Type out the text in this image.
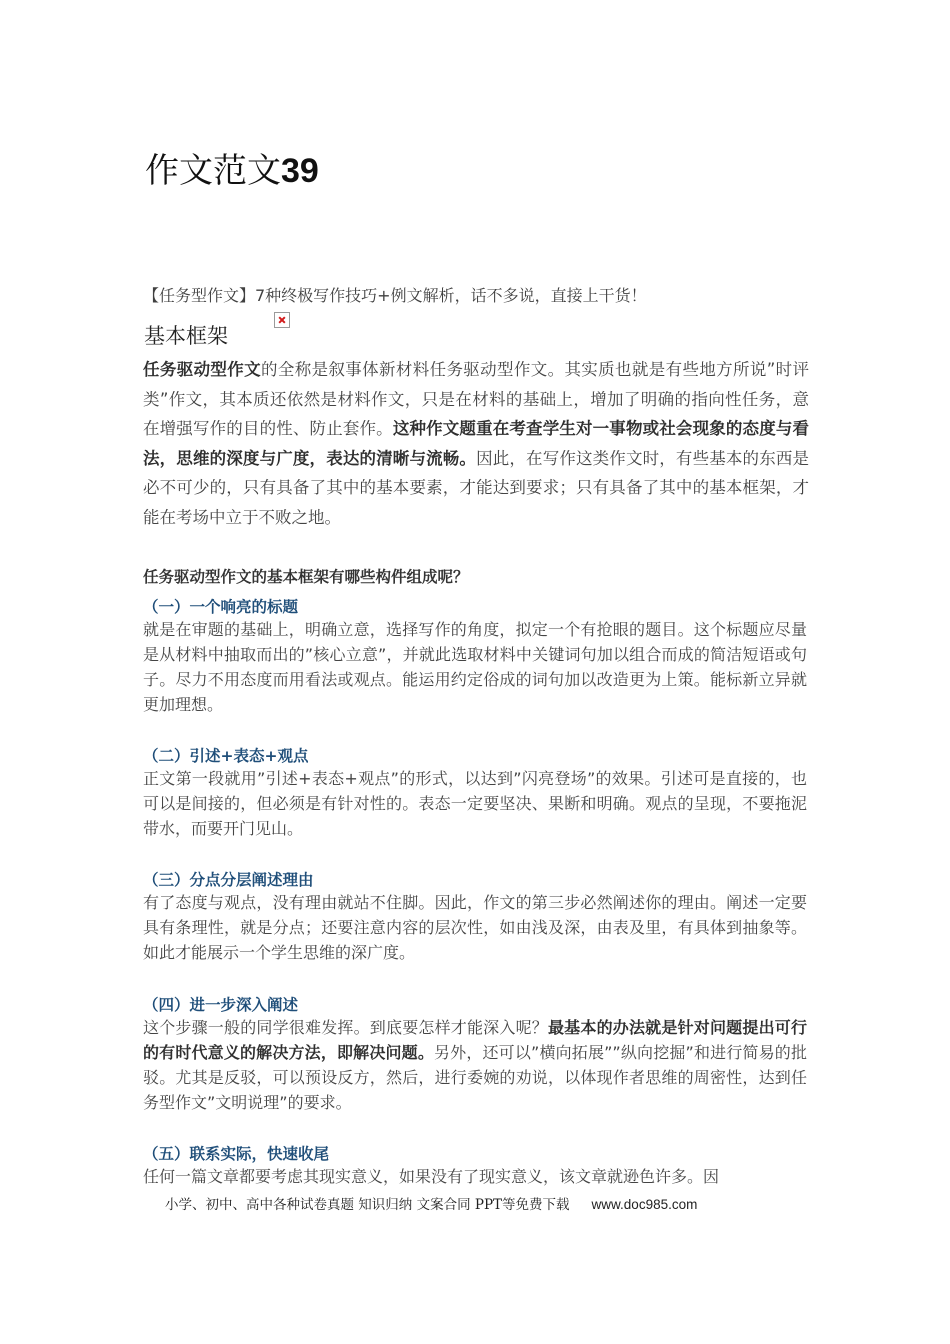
作文范文39
【任务型作文】7种终极写作技巧+例文解析，话不多说，直接上干货！
基本框架
任务驱动型作文的全称是叙事体新材料任务驱动型作文。其实质也就是有些地方所说”时评类”作文，其本质还依然是材料作文，只是在材料的基础上，增加了明确的指向性任务，意在增强写作的目的性、防止套作。这种作文题重在考查学生对一事物或社会现象的态度与看法，思维的深度与广度，表达的清晰与流畅。因此，在写作这类作文时，有些基本的东西是必不可少的，只有具备了其中的基本要素，才能达到要求；只有具备了其中的基本框架，才能在考场中立于不败之地。
任务驱动型作文的基本框架有哪些构件组成呢？
（一）一个响亮的标题
就是在审题的基础上，明确立意，选择写作的角度，拟定一个有抢眼的题目。这个标题应尽量是从材料中抽取而出的”核心立意”，并就此选取材料中关键词句加以组合而成的简洁短语或句子。尽力不用态度而用看法或观点。能运用约定俗成的词句加以改造更为上策。能标新立异就更加理想。
（二）引述+表态+观点
正文第一段就用”引述+表态+观点”的形式，以达到”闪亮登场”的效果。引述可是直接的，也可以是间接的，但必须是有针对性的。表态一定要坚决、果断和明确。观点的呈现，不要拖泥带水，而要开门见山。
（三）分点分层阐述理由
有了态度与观点，没有理由就站不住脚。因此，作文的第三步必然阐述你的理由。阐述一定要具有条理性，就是分点；还要注意内容的层次性，如由浅及深，由表及里，有具体到抽象等。如此才能展示一个学生思维的深广度。
（四）进一步深入阐述
这个步骤一般的同学很难发挥。到底要怎样才能深入呢？最基本的办法就是针对问题提出可行的有时代意义的解决方法，即解决问题。另外，还可以”横向拓展””纵向挖掘”和进行简易的批驳。尤其是反驳，可以预设反方，然后，进行委婉的劝说，以体现作者思维的周密性，达到任务型作文”文明说理”的要求。
（五）联系实际，快速收尾
任何一篇文章都要考虑其现实意义，如果没有了现实意义，该文章就逊色许多。因
小学、初中、高中各种试卷真题 知识归纳 文案合同 PPT等免费下载 www.doc985.com
